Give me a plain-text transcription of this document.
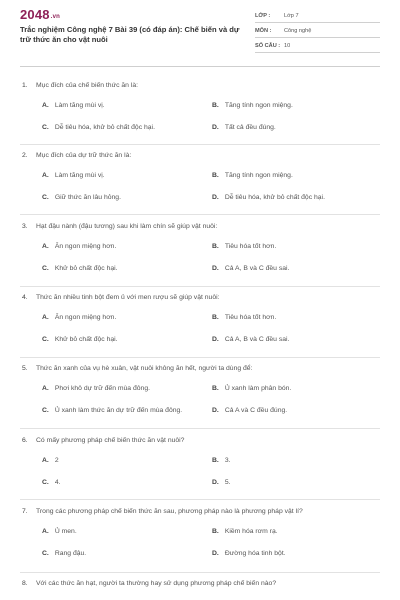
2048.vn
Trắc nghiệm Công nghệ 7 Bài 39 (có đáp án): Chế biến và dự trữ thức ăn cho vật nuôi
LỚP : Lớp 7
MÔN : Công nghệ
SỐ CÂU : 10
1. Mục đích của chế biến thức ăn là:
A. Làm tăng mùi vị.	B. Tăng tính ngon miệng.
C. Dễ tiêu hóa, khử bỏ chất độc hại.	D. Tất cả đều đúng.
2. Mục đích của dự trữ thức ăn là:
A. Làm tăng mùi vị.	B. Tăng tính ngon miệng.
C. Giữ thức ăn lâu hỏng.	D. Dễ tiêu hóa, khử bỏ chất độc hại.
3. Hạt đậu nành (đậu tương) sau khi làm chín sẽ giúp vật nuôi:
A. Ăn ngon miệng hơn.	B. Tiêu hóa tốt hơn.
C. Khử bỏ chất độc hại.	D. Cả A, B và C đều sai.
4. Thức ăn nhiều tinh bột đem ủ với men rượu sẽ giúp vật nuôi:
A. Ăn ngon miệng hơn.	B. Tiêu hóa tốt hơn.
C. Khử bỏ chất độc hại.	D. Cả A, B và C đều sai.
5. Thức ăn xanh của vụ hè xuân, vật nuôi không ăn hết, người ta dùng để:
A. Phơi khô dự trữ đến mùa đông.	B. Ủ xanh làm phân bón.
C. Ủ xanh làm thức ăn dự trữ đến mùa đông.	D. Cả A và C đều đúng.
6. Có mấy phương pháp chế biến thức ăn vật nuôi?
A. 2	B. 3.
C. 4.	D. 5.
7. Trong các phương pháp chế biến thức ăn sau, phương pháp nào là phương pháp vật lí?
A. Ủ men.	B. Kiềm hóa rơm rạ.
C. Rang đậu.	D. Đường hóa tinh bột.
8. Với các thức ăn hạt, người ta thường hay sử dụng phương pháp chế biến nào?
